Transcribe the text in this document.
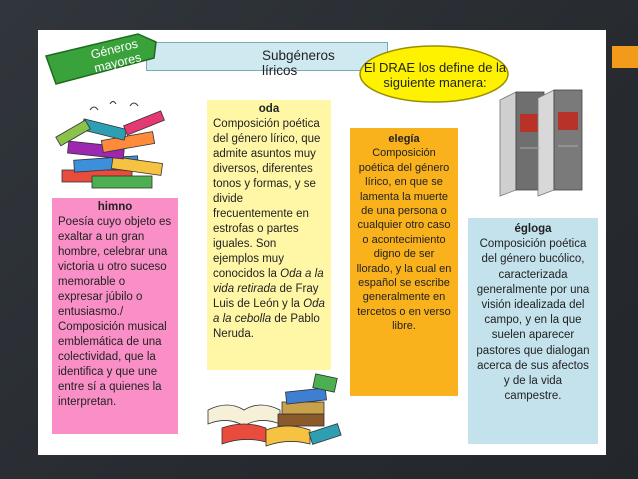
Subgéneros líricos
Géneros mayores	El DRAE los define de la siguiente manera:
oda
Composición poética del género lírico, que admite asuntos muy diversos, diferentes tonos y formas, y se divide frecuentemente en estrofas o partes iguales. Son ejemplos muy conocidos la Oda a la vida retirada de Fray Luis de León y la Oda a la cebolla de Pablo Neruda.
himno
Poesía cuyo objeto es exaltar a un gran hombre, celebrar una victoria u otro suceso memorable o expresar júbilo o entusiasmo./ Composición musical emblemática de una colectividad, que la identifica y que une entre sí a quienes la interpretan.
elegía
Composición poética del género lírico, en que se lamenta la muerte de una persona o cualquier otro caso o acontecimiento digno de ser llorado, y la cual en español se escribe generalmente en tercetos o en verso libre.
égloga
Composición poética del género bucólico, caracterizada generalmente por una visión idealizada del campo, y en la que suelen aparecer pastores que dialogan acerca de sus afectos y de la vida campestre.
